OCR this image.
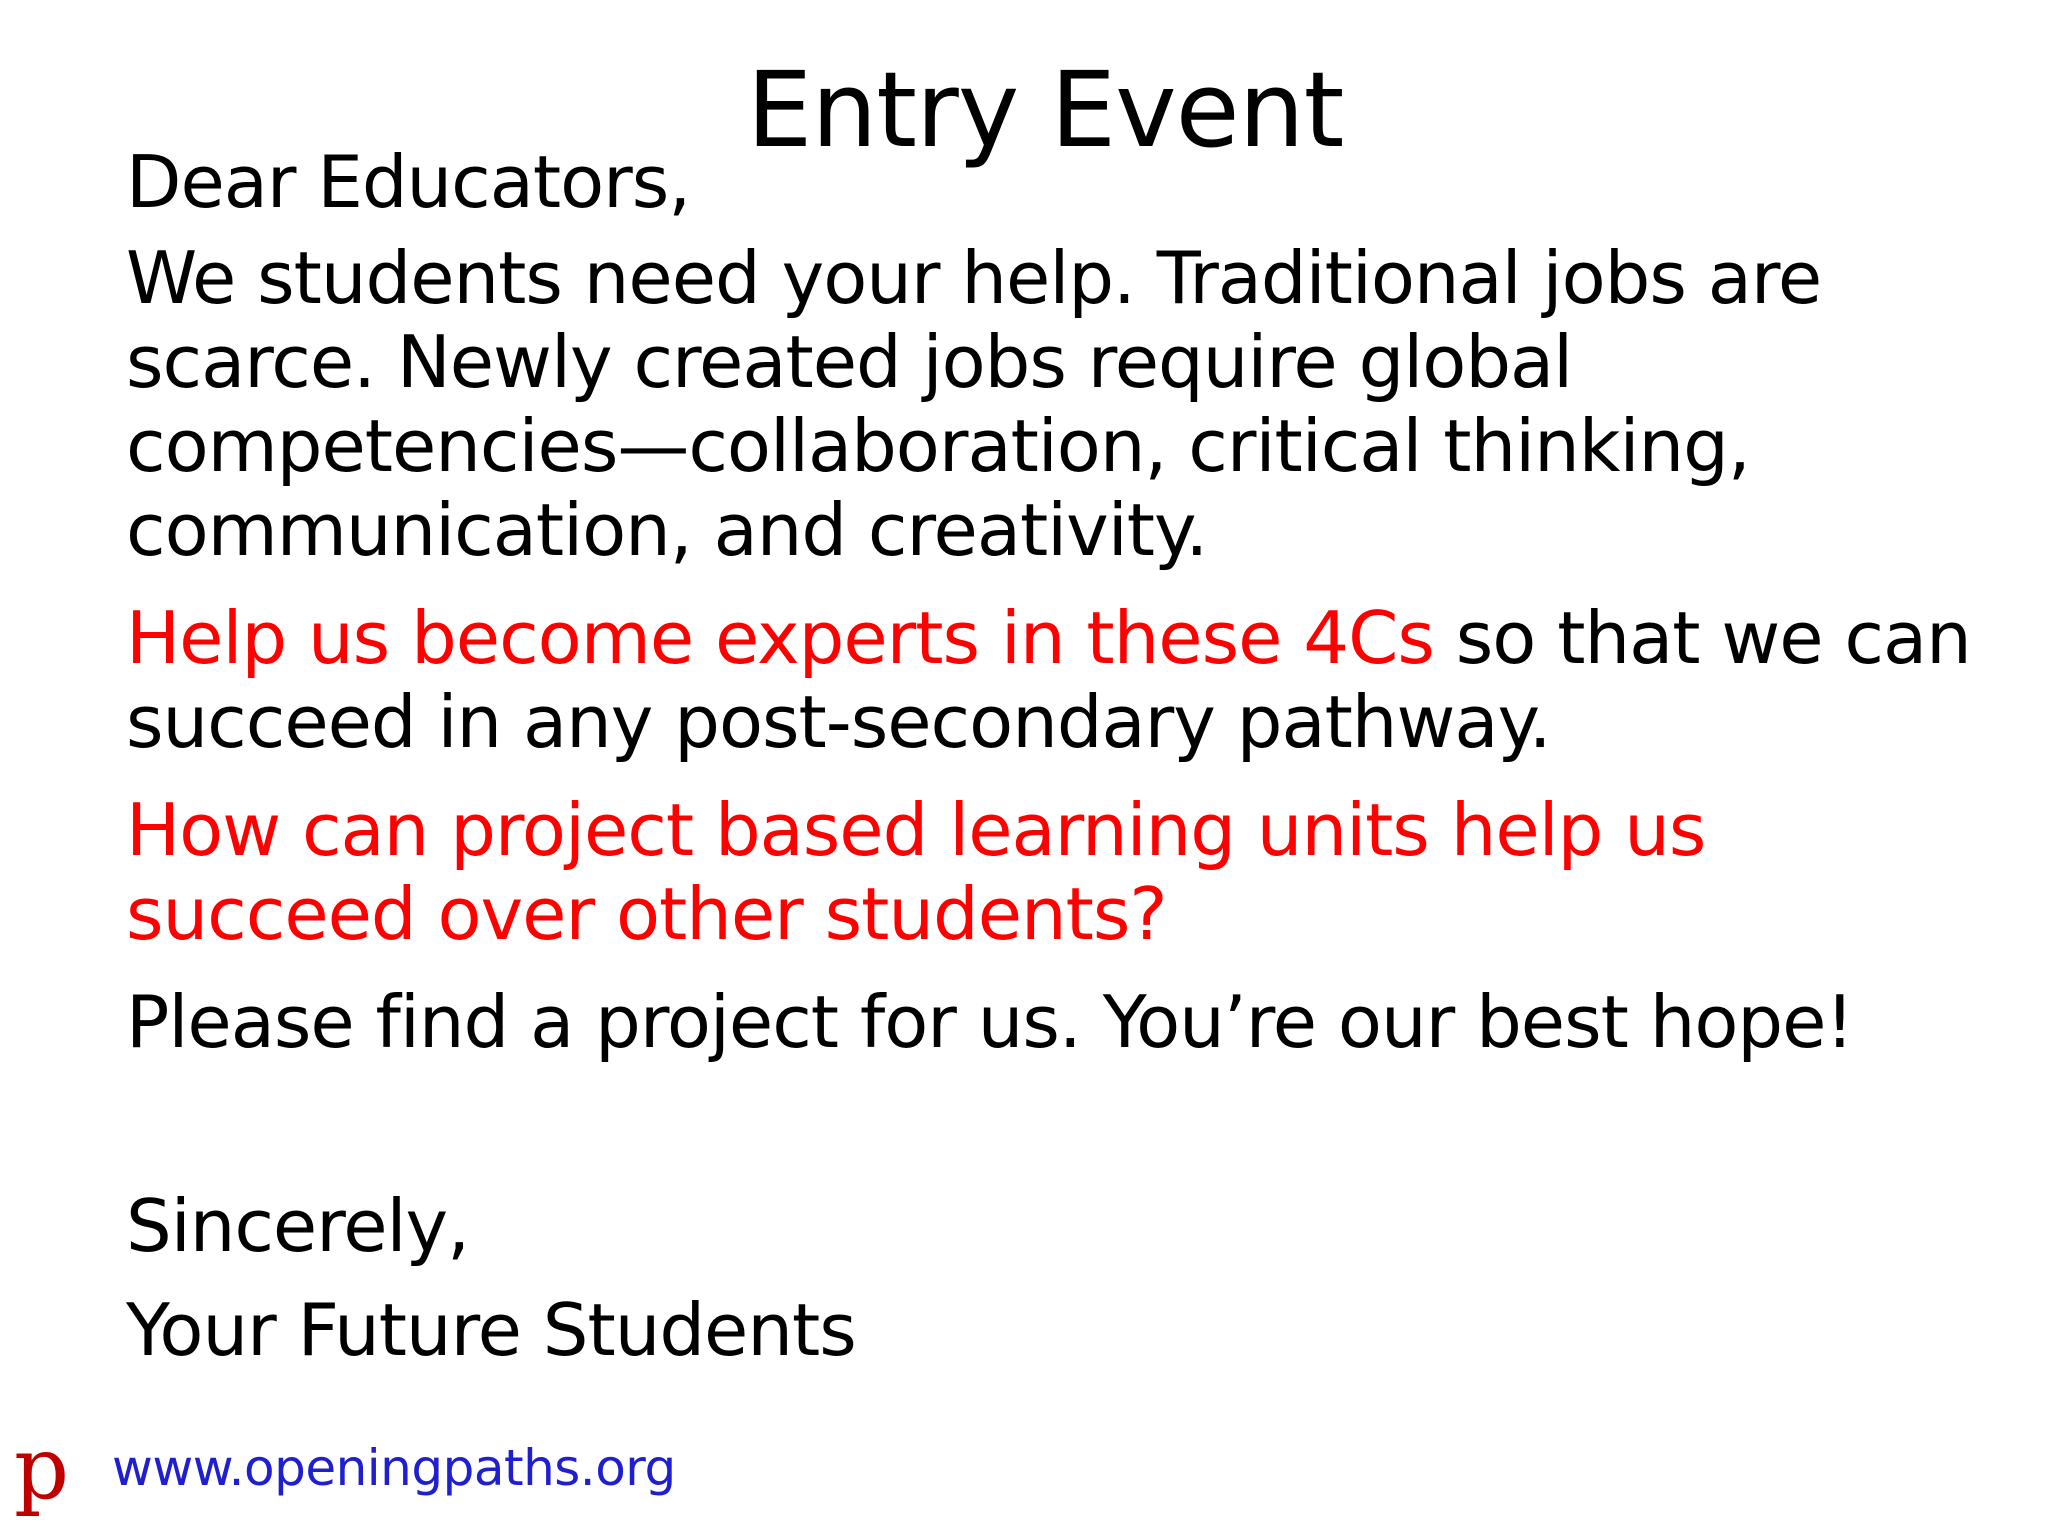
Entry Event

Dear Educators,

We students need your help. Traditional jobs are scarce. Newly created jobs require global competencies—collaboration, critical thinking, communication, and creativity.

Help us become experts in these 4Cs so that we can succeed in any post-secondary pathway.

How can project based learning units help us succeed over other students?

Please find a project for us. You’re our best hope!

Sincerely,

Your Future Students

p www.openingpaths.org
